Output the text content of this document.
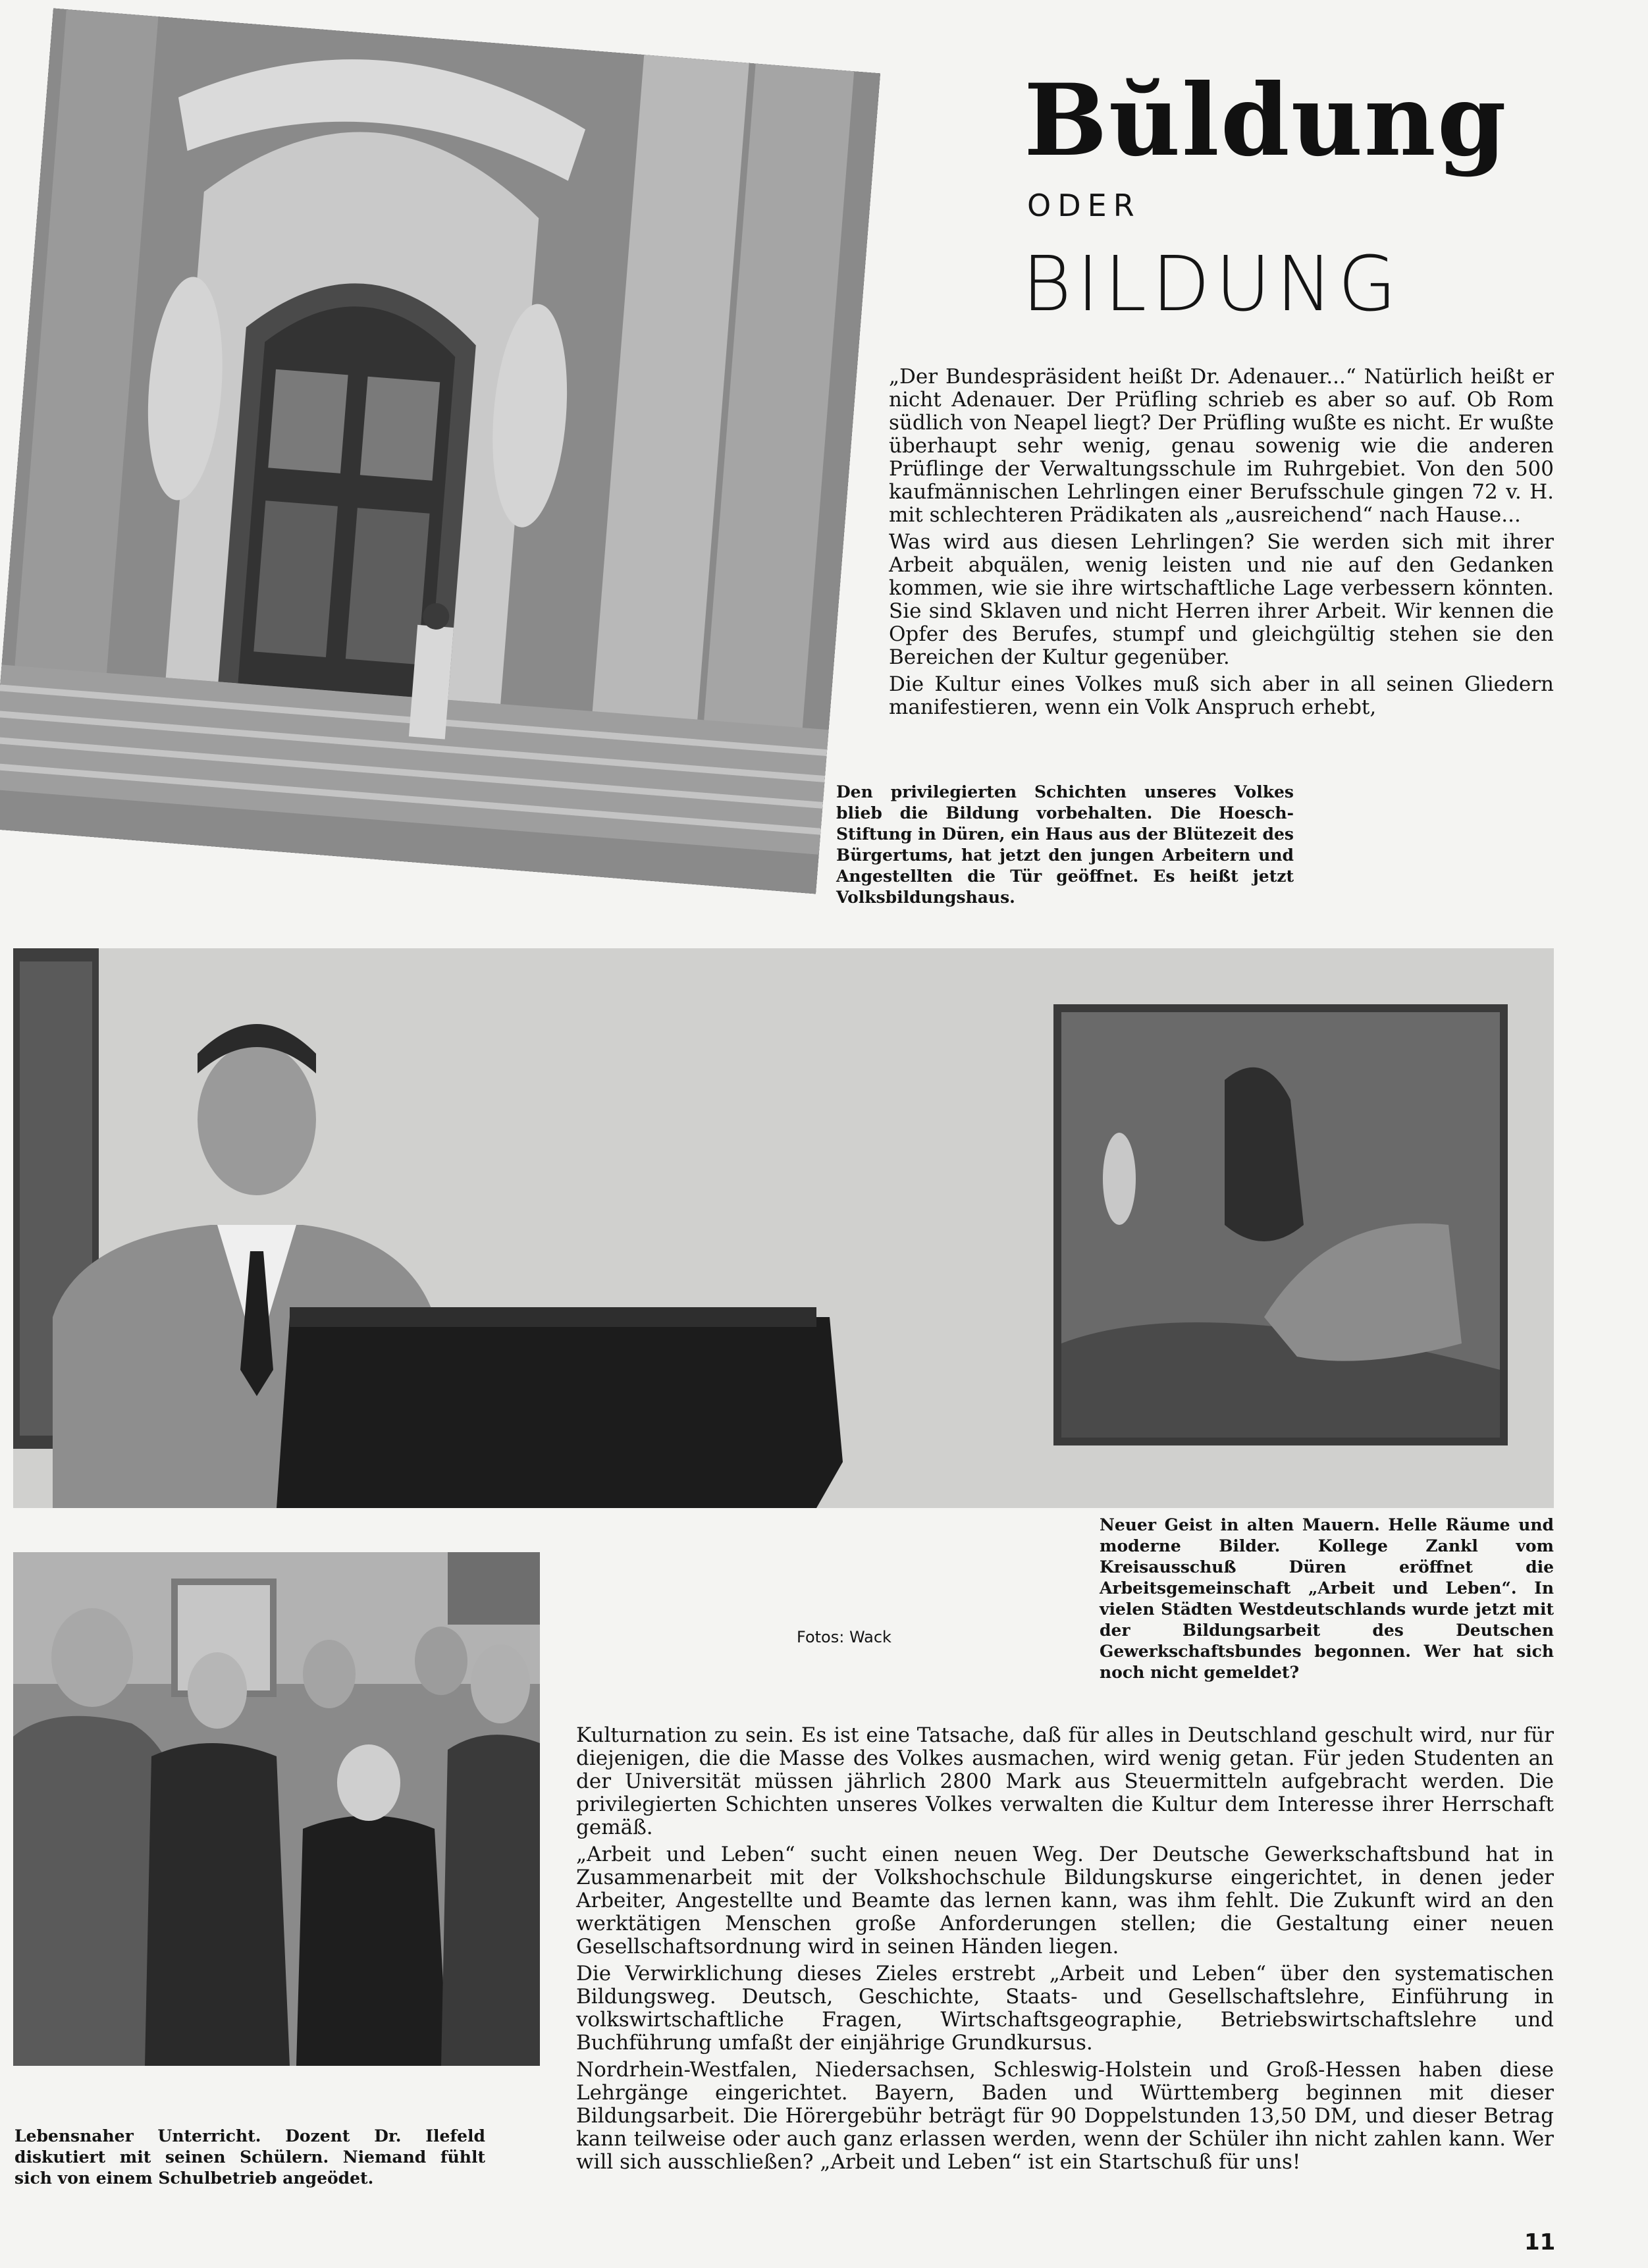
Bŭldung
ODER
BILDUNG

„Der Bundespräsident heißt Dr. Adenauer...“ Natürlich heißt er nicht Adenauer. Der Prüfling schrieb es aber so auf. Ob Rom südlich von Neapel liegt? Der Prüfling wußte es nicht. Er wußte überhaupt sehr wenig, genau sowenig wie die anderen Prüflinge der Verwaltungsschule im Ruhrgebiet. Von den 500 kaufmännischen Lehrlingen einer Berufsschule gingen 72 v. H. mit schlechteren Prädikaten als „ausreichend“ nach Hause...

Was wird aus diesen Lehrlingen? Sie werden sich mit ihrer Arbeit abquälen, wenig leisten und nie auf den Gedanken kommen, wie sie ihre wirtschaftliche Lage verbessern könnten. Sie sind Sklaven und nicht Herren ihrer Arbeit. Wir kennen die Opfer des Berufes, stumpf und gleichgültig stehen sie den Bereichen der Kultur gegenüber.

Die Kultur eines Volkes muß sich aber in all seinen Gliedern manifestieren, wenn ein Volk Anspruch erhebt,

Den privilegierten Schichten unseres Volkes blieb die Bildung vorbehalten. Die Hoesch-Stiftung in Düren, ein Haus aus der Blütezeit des Bürgertums, hat jetzt den jungen Arbeitern und Angestellten die Tür geöffnet. Es heißt jetzt Volksbildungshaus.
Neuer Geist in alten Mauern. Helle Räume und moderne Bilder. Kollege Zankl vom Kreisausschuß Düren eröffnet die Arbeitsgemeinschaft „Arbeit und Leben“. In vielen Städten Westdeutschlands wurde jetzt mit der Bildungsarbeit des Deutschen Gewerkschaftsbundes begonnen. Wer hat sich noch nicht gemeldet?
Fotos: Wack
Lebensnaher Unterricht. Dozent Dr. Ilefeld diskutiert mit seinen Schülern. Niemand fühlt sich von einem Schulbetrieb angeödet.

Kulturnation zu sein. Es ist eine Tatsache, daß für alles in Deutschland geschult wird, nur für diejenigen, die die Masse des Volkes ausmachen, wird wenig getan. Für jeden Studenten an der Universität müssen jährlich 2800 Mark aus Steuermitteln aufgebracht werden. Die privilegierten Schichten unseres Volkes verwalten die Kultur dem Interesse ihrer Herrschaft gemäß.

„Arbeit und Leben“ sucht einen neuen Weg. Der Deutsche Gewerkschaftsbund hat in Zusammenarbeit mit der Volkshochschule Bildungskurse eingerichtet, in denen jeder Arbeiter, Angestellte und Beamte das lernen kann, was ihm fehlt. Die Zukunft wird an den werktätigen Menschen große Anforderungen stellen; die Gestaltung einer neuen Gesellschaftsordnung wird in seinen Händen liegen.

Die Verwirklichung dieses Zieles erstrebt „Arbeit und Leben“ über den systematischen Bildungsweg. Deutsch, Geschichte, Staats- und Gesellschaftslehre, Einführung in volkswirtschaftliche Fragen, Wirtschaftsgeographie, Betriebswirtschaftslehre und Buchführung umfaßt der einjährige Grundkursus.

Nordrhein-Westfalen, Niedersachsen, Schleswig-Holstein und Groß-Hessen haben diese Lehrgänge eingerichtet. Bayern, Baden und Württemberg beginnen mit dieser Bildungsarbeit. Die Hörergebühr beträgt für 90 Doppelstunden 13,50 DM, und dieser Betrag kann teilweise oder auch ganz erlassen werden, wenn der Schüler ihn nicht zahlen kann. Wer will sich ausschließen? „Arbeit und Leben“ ist ein Startschuß für uns!

11
